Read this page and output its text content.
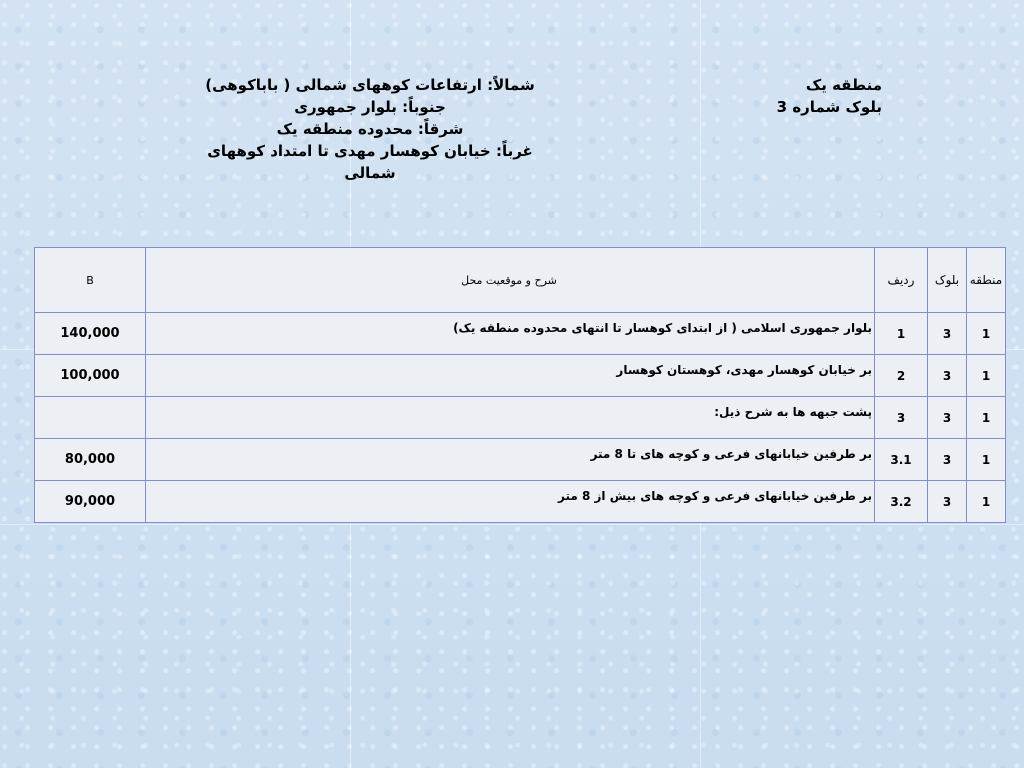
منطقه یک
بلوک شماره 3
شمالاً: ارتفاعات کوههای شمالی ( باباکوهی)
جنوباً: بلوار جمهوری
شرقاً: محدوده منطقه یک
غرباً: خیابان کوهسار مهدی تا امتداد کوههای شمالی
منطقه	بلوک	ردیف	شرح و موقعیت محل	B
1	3	1	بلوار جمهوری اسلامی ( از ابتدای کوهسار تا انتهای محدوده منطقه یک)	140,000
1	3	2	بر خیابان کوهسار مهدی، کوهستان کوهسار	100,000
1	3	3	پشت جبهه ها به شرح ذیل:	
1	3	3.1	بر طرفین خیابانهای فرعی و کوچه های تا 8 متر	80,000
1	3	3.2	بر طرفین خیابانهای فرعی و کوچه های بیش از 8 متر	90,000
